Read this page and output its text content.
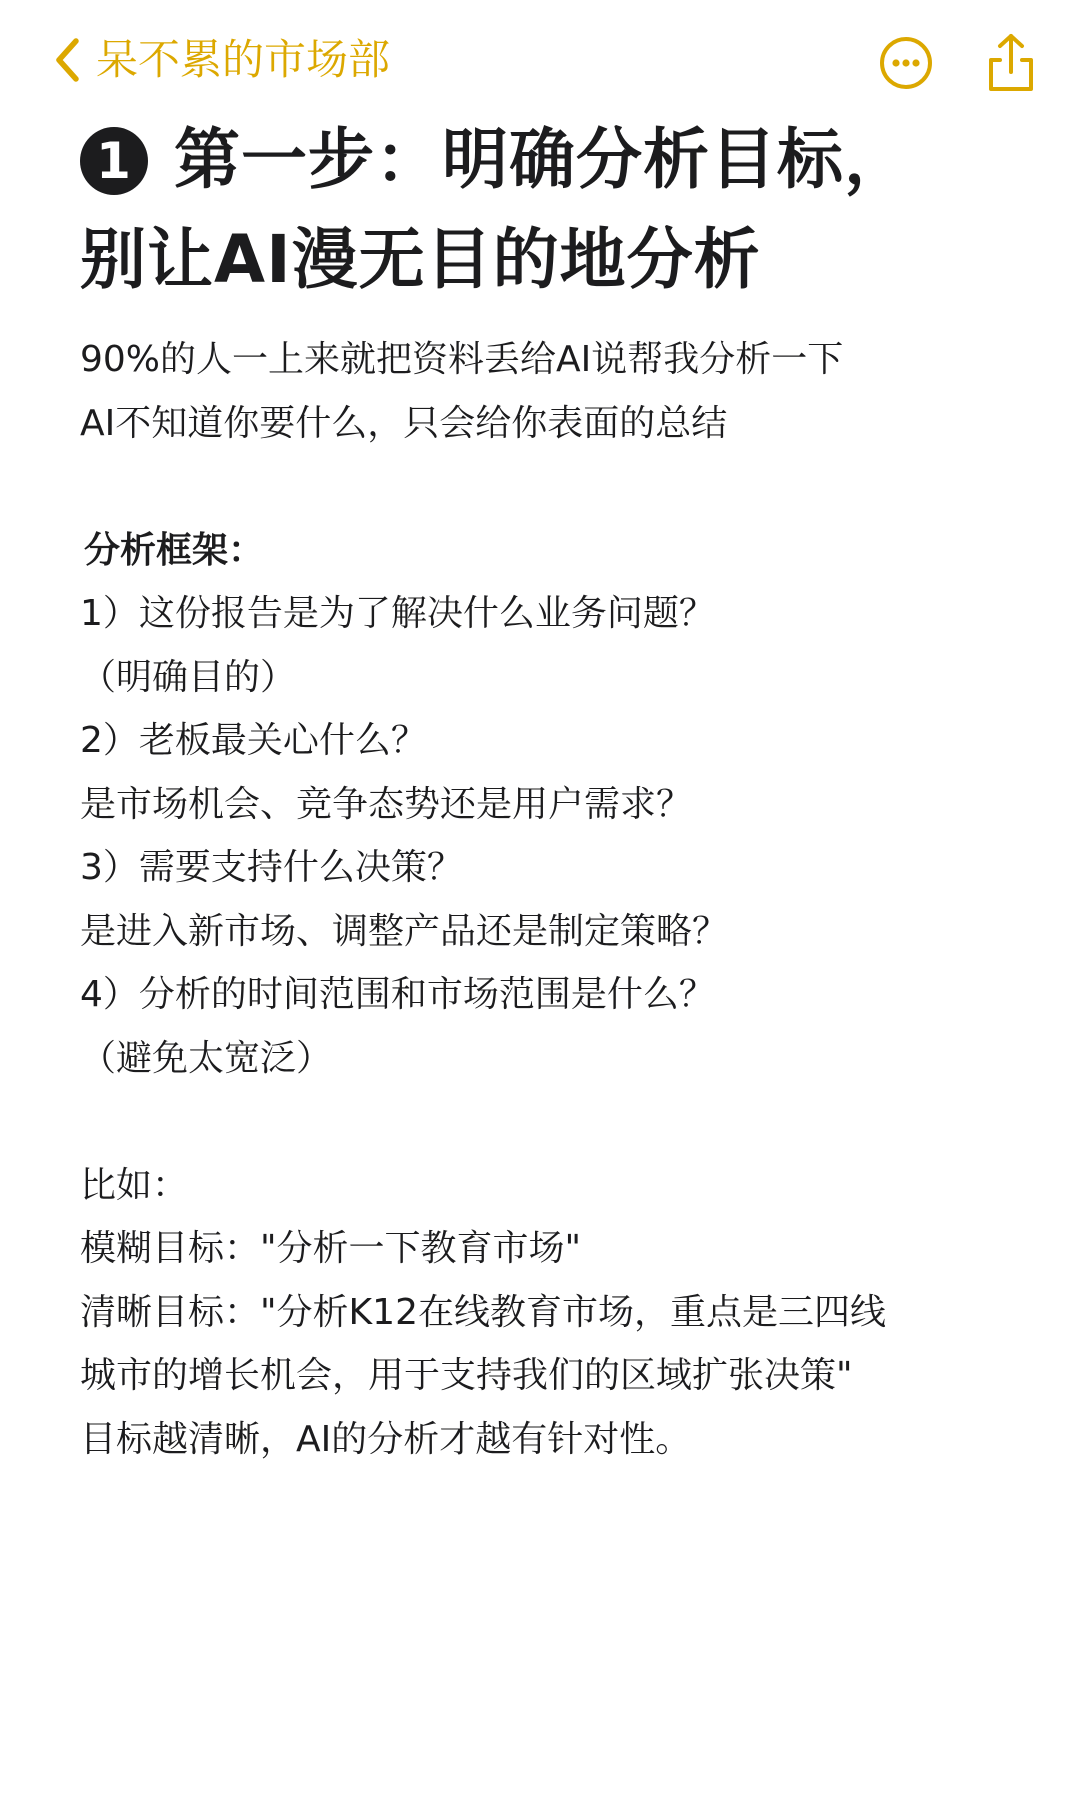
呆不累的市场部
1 第一步：明确分析目标，
别让AI漫无目的地分析
90%的人一上来就把资料丢给AI说帮我分析一下
AI不知道你要什么，只会给你表面的总结
分析框架：
1）这份报告是为了解决什么业务问题？
（明确目的）
2）老板最关心什么？
是市场机会、竞争态势还是用户需求？
3）需要支持什么决策？
是进入新市场、调整产品还是制定策略？
4）分析的时间范围和市场范围是什么？
（避免太宽泛）
比如：
模糊目标："分析一下教育市场"
清晰目标："分析K12在线教育市场，重点是三四线
城市的增长机会，用于支持我们的区域扩张决策"
目标越清晰，AI的分析才越有针对性。
